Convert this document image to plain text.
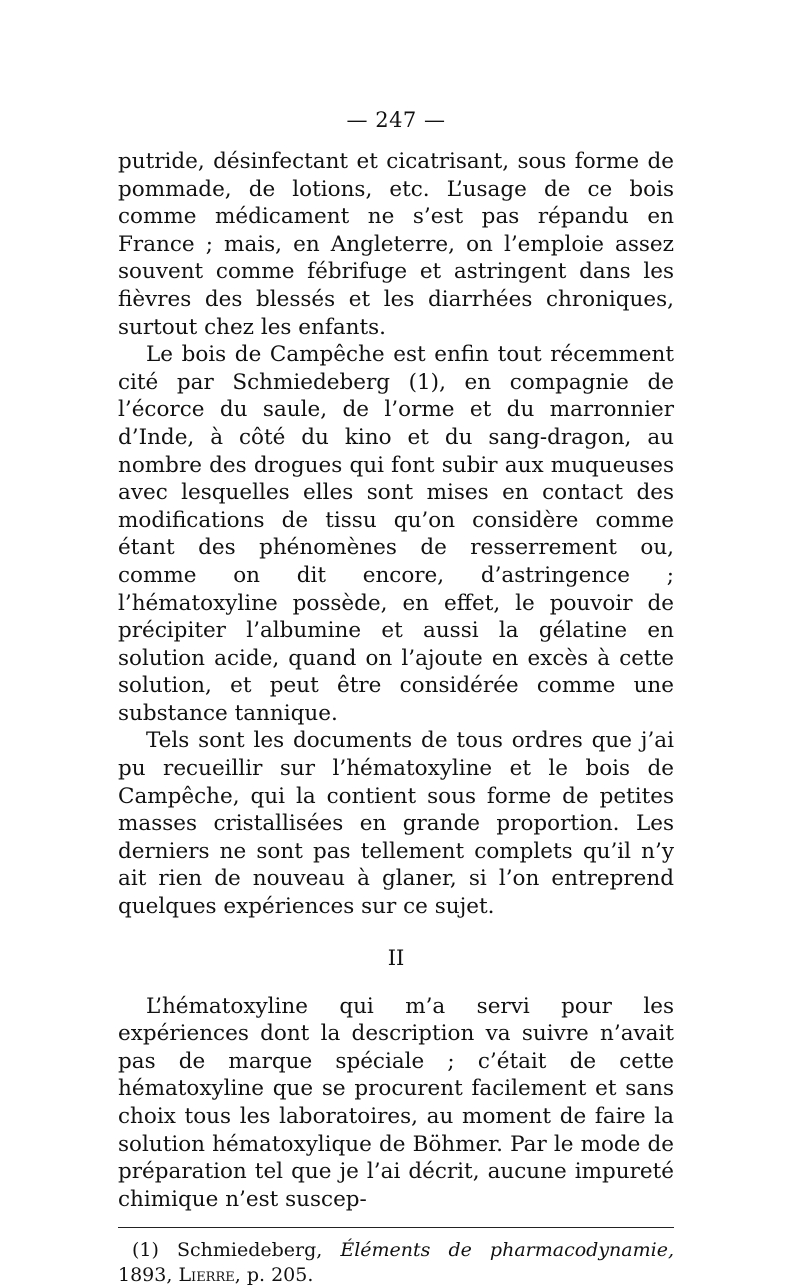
— 247 —

putride, désinfectant et cicatrisant, sous forme de pommade, de lotions, etc. L’usage de ce bois comme médicament ne s’est pas répandu en France ; mais, en Angleterre, on l’emploie assez souvent comme fébrifuge et astringent dans les fièvres des blessés et les diarrhées chroniques, surtout chez les enfants.

Le bois de Campêche est enfin tout récemment cité par Schmiedeberg (1), en compagnie de l’écorce du saule, de l’orme et du marronnier d’Inde, à côté du kino et du sang-dragon, au nombre des drogues qui font subir aux muqueuses avec lesquelles elles sont mises en contact des modifications de tissu qu’on considère comme étant des phénomènes de resserrement ou, comme on dit encore, d’astringence ; l’hématoxyline possède, en effet, le pouvoir de précipiter l’albumine et aussi la gélatine en solution acide, quand on l’ajoute en excès à cette solution, et peut être considérée comme une substance tannique.

Tels sont les documents de tous ordres que j’ai pu recueillir sur l’hématoxyline et le bois de Campêche, qui la contient sous forme de petites masses cristallisées en grande proportion. Les derniers ne sont pas tellement complets qu’il n’y ait rien de nouveau à glaner, si l’on entreprend quelques expériences sur ce sujet.

II

L’hématoxyline qui m’a servi pour les expériences dont la description va suivre n’avait pas de marque spéciale ; c’était de cette hématoxyline que se procurent facilement et sans choix tous les laboratoires, au moment de faire la solution hématoxylique de Böhmer. Par le mode de préparation tel que je l’ai décrit, aucune impureté chimique n’est suscep-

(1) Schmiedeberg, Éléments de pharmacodynamie, 1893, Lierre, p. 205.
